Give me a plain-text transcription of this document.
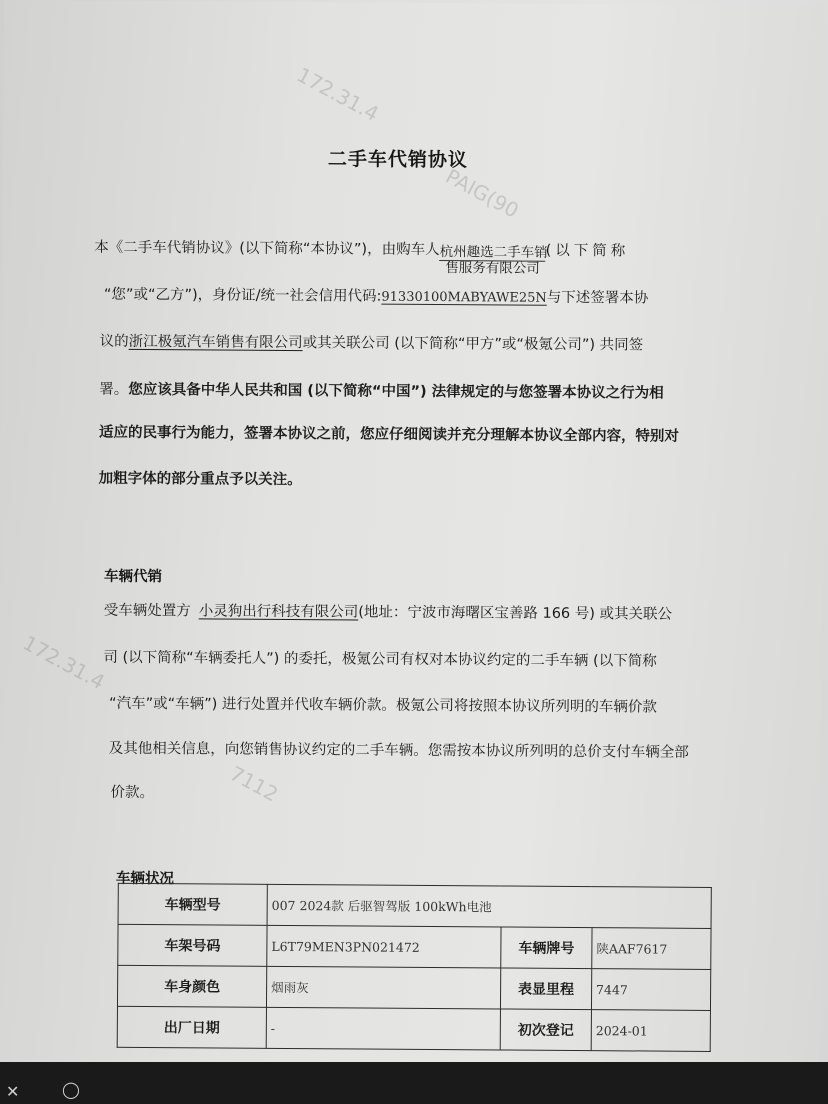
172.31.4
PAIG(90
172.31.4
7112
二手车代销协议
本《二手车代销协议》(以下简称“本协议”)，由购车人杭州趣选二手车销
售服务有限公司
(以下简称
“您”或“乙方”)，身份证/统一社会信用代码:91330100MABYAWE25N与下述签署本协
议的浙江极氪汽车销售有限公司或其关联公司 (以下简称“甲方”或“极氪公司”) 共同签
署。您应该具备中华人民共和国 (以下简称“中国”) 法律规定的与您签署本协议之行为相
适应的民事行为能力，签署本协议之前，您应仔细阅读并充分理解本协议全部内容，特别对
加粗字体的部分重点予以关注。
车辆代销
受车辆处置方 小灵狗出行科技有限公司(地址：宁波市海曙区宝善路 166 号) 或其关联公
司 (以下简称“车辆委托人”) 的委托，极氪公司有权对本协议约定的二手车辆 (以下简称
“汽车”或“车辆”) 进行处置并代收车辆价款。极氪公司将按照本协议所列明的车辆价款
及其他相关信息，向您销售协议约定的二手车辆。您需按本协议所列明的总价支付车辆全部
价款。
车辆状况
车辆型号	007 2024款 后驱智驾版 100kWh电池		
车架号码	L6T79MEN3PN021472	车辆牌号	陕AAF7617
车身颜色	烟雨灰	表显里程	7447
出厂日期	-	初次登记	2024-01
✕	◯
